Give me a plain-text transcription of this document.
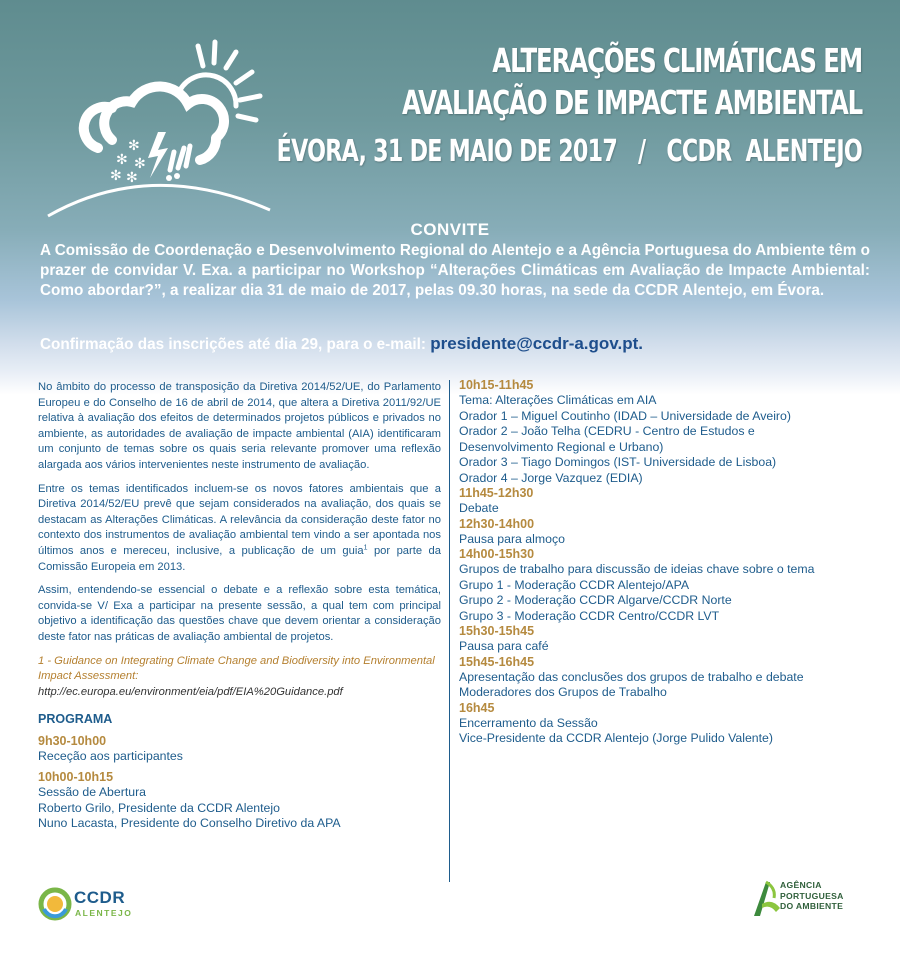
✻
✻ ✻
✻ ✻
ALTERAÇÕES CLIMÁTICAS EM
AVALIAÇÃO DE IMPACTE AMBIENTAL
ÉVORA, 31 DE MAIO DE 2017   /   CCDR  ALENTEJO
CONVITE
A Comissão de Coordenação e Desenvolvimento Regional do Alentejo e a Agência Portuguesa do Ambiente têm o prazer de convidar V. Exa. a participar no Workshop “Alterações Climáticas em Avaliação de Impacte Ambiental: Como abordar?”, a realizar dia 31 de maio de 2017, pelas 09.30 horas, na sede da CCDR Alentejo, em Évora.
Confirmação das inscrições até dia 29, para o e-mail: presidente@ccdr-a.gov.pt.

No âmbito do processo de transposição da Diretiva 2014/52/UE, do Parlamento Europeu e do Conselho de 16 de abril de 2014, que altera a Diretiva 2011/92/UE relativa à avaliação dos efeitos de determinados projetos públicos e privados no ambiente, as autoridades de avaliação de impacte ambiental (AIA) identificaram um conjunto de temas sobre os quais seria relevante promover uma reflexão alargada aos vários intervenientes neste instrumento de avaliação.

Entre os temas identificados incluem-se os novos fatores ambientais que a Diretiva 2014/52/EU prevê que sejam considerados na avaliação, dos quais se destacam as Alterações Climáticas. A relevância da consideração deste fator no contexto dos instrumentos de avaliação ambiental tem vindo a ser apontada nos últimos anos e mereceu, inclusive, a publicação de um guia$^1$ por parte da Comissão Europeia em 2013.

Assim, entendendo-se essencial o debate e a reflexão sobre esta temática, convida-se V/ Exa a participar na presente sessão, a qual tem com principal objetivo a identificação das questões chave que devem orientar a consideração deste fator nas práticas de avaliação ambiental de projetos.

1 - Guidance on Integrating Climate Change and Biodiversity into Environmental Impact Assessment:
http://ec.europa.eu/environment/eia/pdf/EIA%20Guidance.pdf
PROGRAMA
9h30-10h00
Receção aos participantes
10h00-10h15
Sessão de Abertura
Roberto Grilo, Presidente da CCDR Alentejo
Nuno Lacasta, Presidente do Conselho Diretivo da APA
10h15-11h45
Tema: Alterações Climáticas em AIA
Orador 1 – Miguel Coutinho (IDAD – Universidade de Aveiro)
Orador 2 – João Telha (CEDRU - Centro de Estudos e
Desenvolvimento Regional e Urbano)
Orador 3 – Tiago Domingos (IST- Universidade de Lisboa)
Orador 4 – Jorge Vazquez (EDIA)
11h45-12h30
Debate
12h30-14h00
Pausa para almoço
14h00-15h30
Grupos de trabalho para discussão de ideias chave sobre o tema
Grupo 1 - Moderação CCDR Alentejo/APA
Grupo 2 - Moderação CCDR Algarve/CCDR Norte
Grupo 3 - Moderação CCDR Centro/CCDR LVT
15h30-15h45
Pausa para café
15h45-16h45
Apresentação das conclusões dos grupos de trabalho e debate
Moderadores dos Grupos de Trabalho
16h45
Encerramento da Sessão
Vice-Presidente da CCDR Alentejo (Jorge Pulido Valente)
CCDR
ALENTEJO
AGÊNCIA
PORTUGUESA
DO AMBIENTE
